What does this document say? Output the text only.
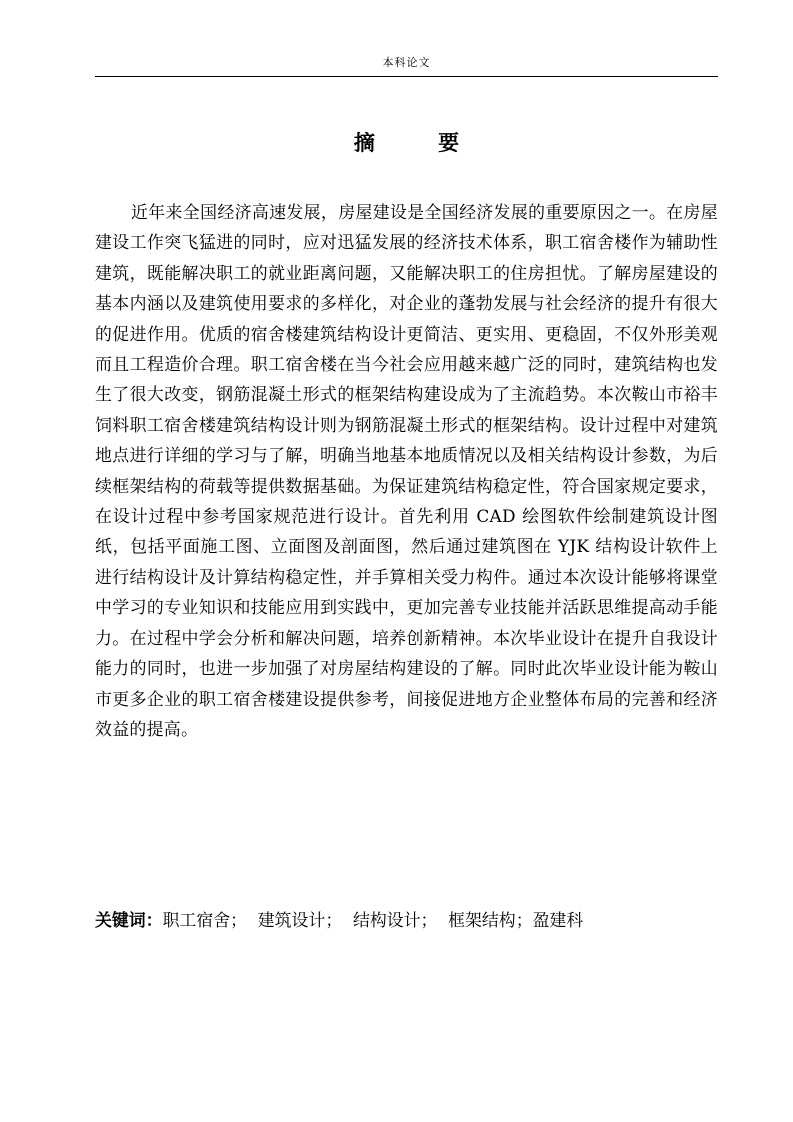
本科论文
摘 要

近年来全国经济高速发展，房屋建设是全国经济发展的重要原因之一。在房屋建设工作突飞猛进的同时，应对迅猛发展的经济技术体系，职工宿舍楼作为辅助性建筑，既能解决职工的就业距离问题，又能解决职工的住房担忧。了解房屋建设的基本内涵以及建筑使用要求的多样化，对企业的蓬勃发展与社会经济的提升有很大的促进作用。优质的宿舍楼建筑结构设计更简洁、更实用、更稳固，不仅外形美观而且工程造价合理。职工宿舍楼在当今社会应用越来越广泛的同时，建筑结构也发生了很大改变，钢筋混凝土形式的框架结构建设成为了主流趋势。本次鞍山市裕丰饲料职工宿舍楼建筑结构设计则为钢筋混凝土形式的框架结构。设计过程中对建筑地点进行详细的学习与了解，明确当地基本地质情况以及相关结构设计参数，为后续框架结构的荷载等提供数据基础。为保证建筑结构稳定性，符合国家规定要求，在设计过程中参考国家规范进行设计。首先利用 CAD 绘图软件绘制建筑设计图纸，包括平面施工图、立面图及剖面图，然后通过建筑图在 YJK 结构设计软件上进行结构设计及计算结构稳定性，并手算相关受力构件。通过本次设计能够将课堂中学习的专业知识和技能应用到实践中，更加完善专业技能并活跃思维提高动手能力。在过程中学会分析和解决问题，培养创新精神。本次毕业设计在提升自我设计能力的同时，也进一步加强了对房屋结构建设的了解。同时此次毕业设计能为鞍山市更多企业的职工宿舍楼建设提供参考，间接促进地方企业整体布局的完善和经济效益的提高。

关键词：职工宿舍；  建筑设计；  结构设计；  框架结构；盈建科
